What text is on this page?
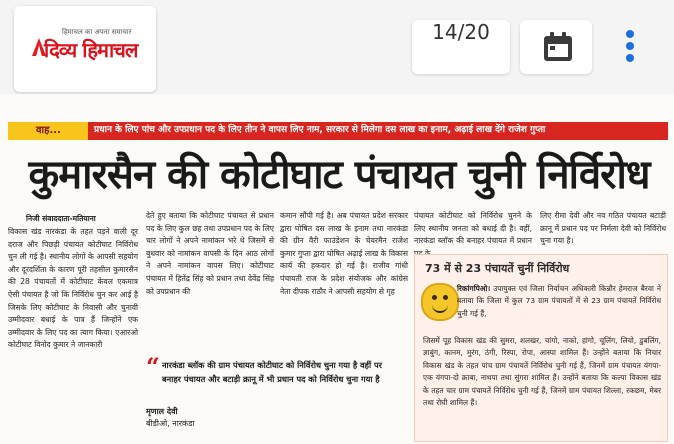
हिमाचल का अपना समाचार
दिव्य हिमाचल
14/20
वाह...	प्रधान के लिए पांच और उपप्रधान पद के लिए तीन ने वापस लिए नाम, सरकार से मिलेगा दस लाख का इनाम, अढ़ाई लाख देंगे राजेश गुप्ता
कुमारसैन की कोटीघाट पंचायत चुनी निर्विरोध
निजी संवाददाता-मतियाना
विकास खंड नारकंडा के तहत पड़ने वाली दूर दराज और पिछड़ी पंचायत कोटीघाट निर्विरोध चुन ली गई है। स्थानीय लोगों के आपसी सहयोग और दूरदर्शिता के कारण पूरी तहसील कुमारसैन की 28 पंचायतों में कोटीघाट केवल एकमात्र ऐसी पंचायत है जो कि निर्विरोध चुन कर आई है जिसके लिए कोटीघाट के निवासी और चुनावी उम्मीदवार बधाई के पात्र हैं जिन्होंने एक उम्मीदवार के लिए पद का त्याग किया। एआरओ कोटीघाट विनोद कुमार ने जानकारी
देते हुए बताया कि कोटीघाट पंचायत से प्रधान पद के लिए कुल छह तथा उपप्रधान पद के लिए चार लोगों ने अपने नामांकन भरे थे जिसमें से बुधवार को नामांकन वापसी के दिन आठ लोगों ने अपने नामांकन वापस लिए। कोटीघाट पंचायत में हितेंद्र सिंह को प्रधान तथा देवेंद्र सिंह को उपप्रधान की
कमान सौंपी गई है। अब पंचायत प्रदेश सरकार द्वारा घोषित दस लाख के इनाम तथा नारकंडा की ग्रीन वैरी फाउंडेशन के चेयरमैन राजेश कुमार गुप्ता द्वारा घोषित अढ़ाई लाख के विकास कार्य की हकदार हो गई है। राजीव गांधी पंचायती राज के प्रदेश संयोजक और कांग्रेस नेता दीपक राठौर ने आपसी सहयोग से गृह
पंचायत कोटीघाट को निर्विरोध चुनने के लिए स्थानीय जनता को बधाई दी है। वहीं, नारकंडा ब्लॉक की बनाहर पंचायत में प्रधान
लिए रीमा देवी और नव गठित पंचायत बटाड़ी क्रानू में प्रधान पद पर निर्मला देवी को निर्विरोध चुना गया है।
“ नारकंडा ब्लॉक की ग्राम पंचायत कोटीघाट को निर्विरोध चुना गया है वहीं पर बनाहर पंचायत और बटाड़ी क्रानू में भी प्रधान पद को निर्विरोध चुना गया है
मृणाल देवी
बीडीओ, नारकंडा
73 में से 23 पंचायतें चुनीं निर्विरोध
रिकांगपिओ। उपायुक्त एवं जिला निर्वाचन अधिकारी किन्नौर हेमराज बैरवा ने बताया कि जिला में कुल 73 ग्राम पंचायतों में से 23 ग्राम पंचायतें निर्विरोध चुनी गई हैं,
जिसमें पूह विकास खंड की सुमरा, शलखर, चांगो, नाको, हांगो, चूलिंग, लियो, डुबलिंग, ज्ञाबुंग, कानम, मुरंग, ठंगी, रिस्पा, रोपा, आस्पा शामिल हैं। उन्होंने बताया कि निचार विकास खंड के तहत पांच ग्राम पंचायतें निर्विरोध चुनी गई हैं, जिनमें ग्राम पंचायत यंगपा-एक यंगपा-दो क्राबा, नाथपा तथा सुंगरा शामिल हैं। उन्होंने बताया कि कल्पा विकास खंड के तहत चार ग्राम पंचायतें निर्विरोध चुनी गई हैं, जिनमें ग्राम पंचायत शिल्ला, रकछम, मेबर तथा रोघी शामिल हैं।
